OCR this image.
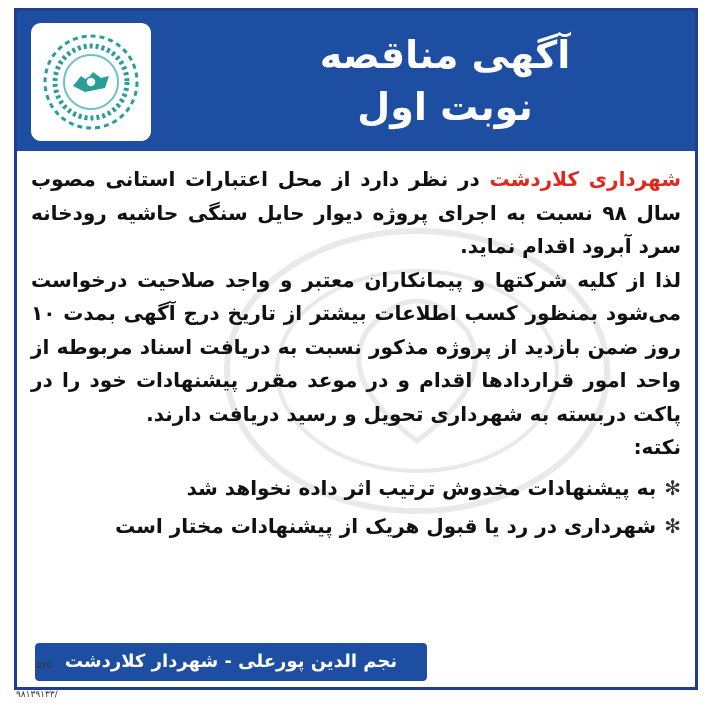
آگهی مناقصه
نوبت اول

شهرداری کلاردشت در نظر دارد از محل اعتبارات استانی مصوب سال ۹۸ نسبت به اجرای پروژه دیوار حایل سنگی حاشیه رودخانه سرد آبرود اقدام نماید.

لذا از کلیه شرکتها و پیمانکاران معتبر و واجد صلاحیت درخواست می‌شود بمنظور کسب اطلاعات بیشتر از تاریخ درج آگهی بمدت ۱۰ روز ضمن بازدید از پروژه مذکور نسبت به دریافت اسناد مربوطه از واحد امور قراردادها اقدام و در موعد مقرر پیشنهادات خود را در پاکت دربسته به شهرداری تحویل و رسید دریافت دارند.

نکته:

✻به پیشنهادات مخدوش ترتیب اثر داده نخواهد شد
✻شهرداری در رد یا قبول هریک از پیشنهادات مختار است
نجم الدین پورعلی - شهردار کلاردشت
۵۲۵
/۹۸۱۳۹۱۳۳
